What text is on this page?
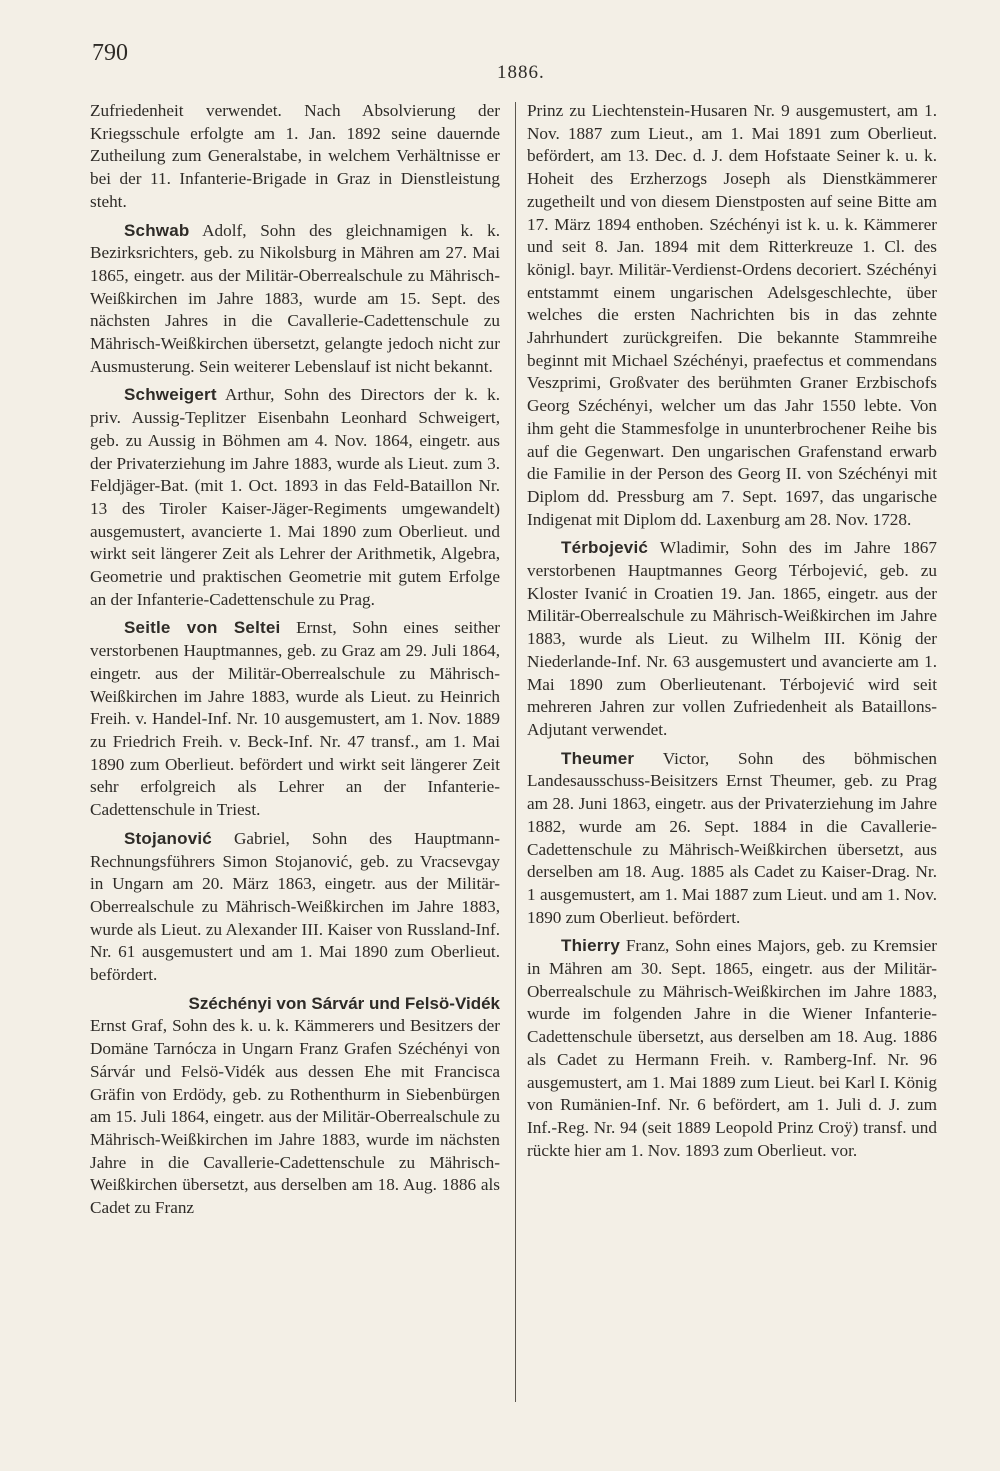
790
1886.

Zufriedenheit verwendet. Nach Absolvierung der Kriegsschule erfolgte am 1. Jan. 1892 seine dauernde Zutheilung zum Generalstabe, in welchem Verhältnisse er bei der 11. Infanterie-Brigade in Graz in Dienstleistung steht.

Schwab Adolf, Sohn des gleichnamigen k. k. Bezirksrichters, geb. zu Nikolsburg in Mähren am 27. Mai 1865, eingetr. aus der Militär-Oberrealschule zu Mährisch-Weißkirchen im Jahre 1883, wurde am 15. Sept. des nächsten Jahres in die Cavallerie-Cadettenschule zu Mährisch-Weißkirchen übersetzt, gelangte jedoch nicht zur Ausmusterung. Sein weiterer Lebenslauf ist nicht bekannt.

Schweigert Arthur, Sohn des Directors der k. k. priv. Aussig-Teplitzer Eisenbahn Leonhard Schweigert, geb. zu Aussig in Böhmen am 4. Nov. 1864, eingetr. aus der Privaterziehung im Jahre 1883, wurde als Lieut. zum 3. Feldjäger-Bat. (mit 1. Oct. 1893 in das Feld-Bataillon Nr. 13 des Tiroler Kaiser-Jäger-Regiments umgewandelt) ausgemustert, avancierte 1. Mai 1890 zum Oberlieut. und wirkt seit längerer Zeit als Lehrer der Arithmetik, Algebra, Geometrie und praktischen Geometrie mit gutem Erfolge an der Infanterie-Cadettenschule zu Prag.

Seitle von Seltei Ernst, Sohn eines seither verstorbenen Hauptmannes, geb. zu Graz am 29. Juli 1864, eingetr. aus der Militär-Oberrealschule zu Mährisch-Weißkirchen im Jahre 1883, wurde als Lieut. zu Heinrich Freih. v. Handel-Inf. Nr. 10 ausgemustert, am 1. Nov. 1889 zu Friedrich Freih. v. Beck-Inf. Nr. 47 transf., am 1. Mai 1890 zum Oberlieut. befördert und wirkt seit längerer Zeit sehr erfolgreich als Lehrer an der Infanterie-Cadettenschule in Triest.

Stojanović Gabriel, Sohn des Hauptmann-Rechnungsführers Simon Stojanović, geb. zu Vracsevgay in Ungarn am 20. März 1863, eingetr. aus der Militär-Oberrealschule zu Mährisch-Weißkirchen im Jahre 1883, wurde als Lieut. zu Alexander III. Kaiser von Russland-Inf. Nr. 61 ausgemustert und am 1. Mai 1890 zum Oberlieut. befördert.

Széchényi von Sárvár und Felsö-Vidék

Ernst Graf, Sohn des k. u. k. Kämmerers und Besitzers der Domäne Tarnócza in Ungarn Franz Grafen Széchényi von Sárvár und Felsö-Vidék aus dessen Ehe mit Francisca Gräfin von Erdödy, geb. zu Rothenthurm in Siebenbürgen am 15. Juli 1864, eingetr. aus der Militär-Oberrealschule zu Mährisch-Weißkirchen im Jahre 1883, wurde im nächsten Jahre in die Cavallerie-Cadettenschule zu Mährisch-Weißkirchen übersetzt, aus derselben am 18. Aug. 1886 als Cadet zu Franz

Prinz zu Liechtenstein-Husaren Nr. 9 ausgemustert, am 1. Nov. 1887 zum Lieut., am 1. Mai 1891 zum Oberlieut. befördert, am 13. Dec. d. J. dem Hofstaate Seiner k. u. k. Hoheit des Erzherzogs Joseph als Dienstkämmerer zugetheilt und von diesem Dienstposten auf seine Bitte am 17. März 1894 enthoben. Széchényi ist k. u. k. Kämmerer und seit 8. Jan. 1894 mit dem Ritterkreuze 1. Cl. des königl. bayr. Militär-Verdienst-Ordens decoriert. Széchényi entstammt einem ungarischen Adelsgeschlechte, über welches die ersten Nachrichten bis in das zehnte Jahrhundert zurückgreifen. Die bekannte Stammreihe beginnt mit Michael Széchényi, praefectus et commendans Veszprimi, Großvater des berühmten Graner Erzbischofs Georg Széchényi, welcher um das Jahr 1550 lebte. Von ihm geht die Stammesfolge in ununterbrochener Reihe bis auf die Gegenwart. Den ungarischen Grafenstand erwarb die Familie in der Person des Georg II. von Széchényi mit Diplom dd. Pressburg am 7. Sept. 1697, das ungarische Indigenat mit Diplom dd. Laxenburg am 28. Nov. 1728.

Térbojević Wladimir, Sohn des im Jahre 1867 verstorbenen Hauptmannes Georg Térbojević, geb. zu Kloster Ivanić in Croatien 19. Jan. 1865, eingetr. aus der Militär-Oberrealschule zu Mährisch-Weißkirchen im Jahre 1883, wurde als Lieut. zu Wilhelm III. König der Niederlande-Inf. Nr. 63 ausgemustert und avancierte am 1. Mai 1890 zum Oberlieutenant. Térbojević wird seit mehreren Jahren zur vollen Zufriedenheit als Bataillons-Adjutant verwendet.

Theumer Victor, Sohn des böhmischen Landesausschuss-Beisitzers Ernst Theumer, geb. zu Prag am 28. Juni 1863, eingetr. aus der Privaterziehung im Jahre 1882, wurde am 26. Sept. 1884 in die Cavallerie-Cadettenschule zu Mährisch-Weißkirchen übersetzt, aus derselben am 18. Aug. 1885 als Cadet zu Kaiser-Drag. Nr. 1 ausgemustert, am 1. Mai 1887 zum Lieut. und am 1. Nov. 1890 zum Oberlieut. befördert.

Thierry Franz, Sohn eines Majors, geb. zu Kremsier in Mähren am 30. Sept. 1865, eingetr. aus der Militär-Oberrealschule zu Mährisch-Weißkirchen im Jahre 1883, wurde im folgenden Jahre in die Wiener Infanterie-Cadettenschule übersetzt, aus derselben am 18. Aug. 1886 als Cadet zu Hermann Freih. v. Ramberg-Inf. Nr. 96 ausgemustert, am 1. Mai 1889 zum Lieut. bei Karl I. König von Rumänien-Inf. Nr. 6 befördert, am 1. Juli d. J. zum Inf.-Reg. Nr. 94 (seit 1889 Leopold Prinz Croÿ) transf. und rückte hier am 1. Nov. 1893 zum Oberlieut. vor.
